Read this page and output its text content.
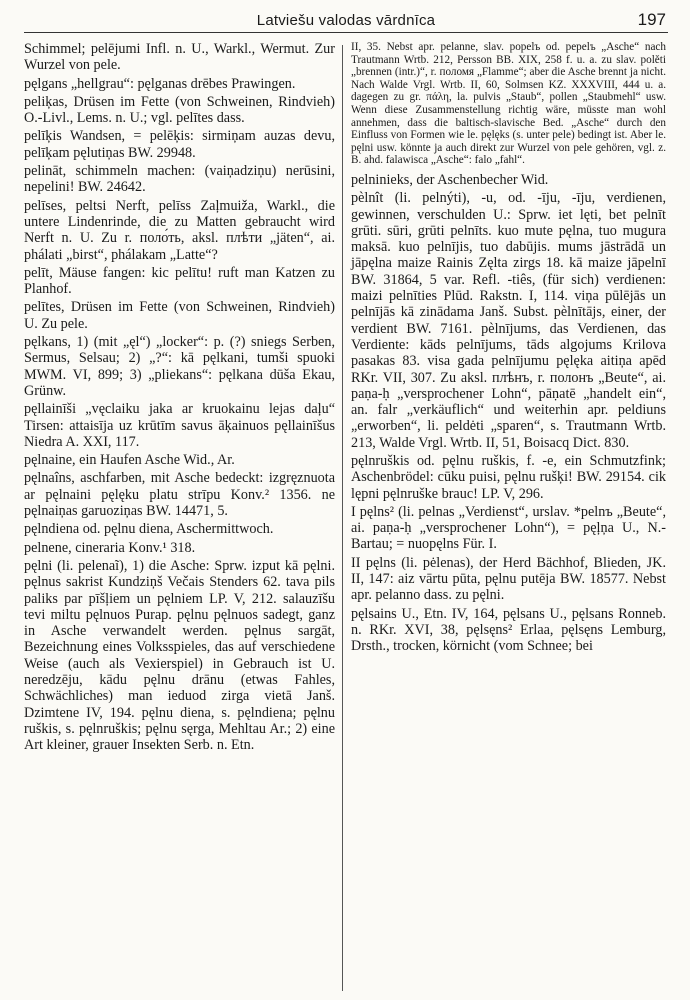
Latviešu valodas vārdnīca	197

Schimmel; pelējumi Infl. n. U., Warkl., Wermut. Zur Wurzel von pele.

pęlgans „hellgrau“: pęlganas drēbes Prawingen.

peliķas, Drüsen im Fette (von Schweinen, Rindvieh) O.-Livl., Lems. n. U.; vgl. pelītes dass.

pelīķis Wandsen, = pelēķis: sirmiņam auzas devu, pelīķam pęlutiņas BW. 29948.

pelināt, schimmeln machen: (vaiņadziņu) nerūsini, nepelini! BW. 24642.

pelīses, peltsi Nerft, pelīss Zaļmuiža, Warkl., die untere Lindenrinde, die zu Matten gebraucht wird Nerft n. U. Zu r. поло́ть, aksl. плѣти „jäten“, ai. phálati „birst“, phálakam „Latte“?

pelīt, Mäuse fangen: kic pelītu! ruft man Katzen zu Planhof.

pelītes, Drüsen im Fette (von Schweinen, Rindvieh) U. Zu pele.

pęlkans, 1) (mit „ęl“) „locker“: p. (?) sniegs Serben, Sermus, Selsau; 2) „?“: kā pęlkani, tumši spuoki MWM. VI, 899; 3) „pliekans“: pęlkana dūša Ekau, Grünw.

pęllainīši „vęclaiku jaka ar kruokainu lejas daļu“ Tirsen: attaisīja uz krūtīm savus āķainuos pęllainīšus Niedra A. XXI, 117.

pęlnaine, ein Haufen Asche Wid., Ar.

pęlnaîns, aschfarben, mit Asche bedeckt: izgręznuota ar pęlnaini pęlęku platu strīpu Konv.² 1356. ne pęlnaiņas garuoziņas BW. 14471, 5.

pęlndiena od. pęlnu diena, Aschermittwoch.

pelnene, cineraria Konv.¹ 318.

pęlni (li. pelenaĩ), 1) die Asche: Sprw. izput kā pęlni. pęlnus sakrist Kundziņš Večais Stenders 62. tava pils paliks par pīšļiem un pęlniem LP. V, 212. salauzīšu tevi miltu pęlnuos Purap. pęlnu pęlnuos sadegt, ganz in Asche verwandelt werden. pęlnus sargāt, Bezeichnung eines Volksspieles, das auf verschiedene Weise (auch als Vexierspiel) in Gebrauch ist U. neredzēju, kādu pęlnu drānu (etwas Fahles, Schwächliches) man ieduod zirga vietā Janš. Dzimtene IV, 194. pęlnu diena, s. pęlndiena; pęlnu ruškis, s. pęlnruškis; pęlnu sęrga, Mehltau Ar.; 2) eine Art kleiner, grauer Insekten Serb. n. Etn.

II, 35. Nebst apr. pelanne, slav. popelъ od. pepelъ „Asche“ nach Trautmann Wrtb. 212, Persson BB. XIX, 258 f. u. a. zu slav. polěti „brennen (intr.)“, r. поломя „Flamme“; aber die Asche brennt ja nicht. Nach Walde Vrgl. Wrtb. II, 60, Solmsen KZ. XXXVIII, 444 u. a. dagegen zu gr. πάλη, la. pulvis „Staub“, pollen „Staubmehl“ usw. Wenn diese Zusammenstellung richtig wäre, müsste man wohl annehmen, dass die baltisch-slavische Bed. „Asche“ durch den Einfluss von Formen wie le. pęlęks (s. unter pele) bedingt ist. Aber le. pęlni usw. könnte ja auch direkt zur Wurzel von pele gehören, vgl. z. B. ahd. falawisca „Asche“: falo „fahl“.

pelninieks, der Aschenbecher Wid.

pèlnît (li. pelnýti), -u, od. -īju, -īju, verdienen, gewinnen, verschulden U.: Sprw. iet lęti, bet pelnīt grūti. sūri, grūti pelnīts. kuo mute pęlna, tuo mugura maksā. kuo pelnījis, tuo dabūjis. mums jāstrādā un jāpęlna maize Rainis Zęlta zirgs 18. kā maize jāpelnī BW. 31864, 5 var. Refl. -tiês, (für sich) verdienen: maizi pelnīties Plūd. Rakstn. I, 114. viņa pūlējās un pelnījās kā zinādama Janš. Subst. pèlnītājs, einer, der verdient BW. 7161. pèlnījums, das Verdienen, das Verdiente: kāds pelnījums, tāds algojums Krilova pasakas 83. visa gada pelnījumu pęlęka aitiņa apēd RKr. VII, 307. Zu aksl. плѣнъ, r. полонъ „Beute“, ai. paṇa-ḥ „versprochener Lohn“, pāṇatē „handelt ein“, an. falr „verkäuflich“ und weiterhin apr. peldiuns „erworben“, li. peldėti „sparen“, s. Trautmann Wrtb. 213, Walde Vrgl. Wrtb. II, 51, Boisacq Dict. 830.

pęlnruškis od. pęlnu ruškis, f. -e, ein Schmutzfink; Aschenbrödel: cūku puisi, pęlnu rušķi! BW. 29154. cik lępni pęlnruške brauc! LP. V, 296.

I pęlns² (li. pelnas „Verdienst“, urslav. *pelnъ „Beute“, ai. paṇa-ḥ „versprochener Lohn“), = pęļņa U., N.-Bartau; = nuopęlns Für. I.

II pęlns (li. pėlenas), der Herd Bächhof, Blieden, JK. II, 147: aiz vārtu pūta, pęlnu putēja BW. 18577. Nebst apr. pelanno dass. zu pęlni.

pęlsains U., Etn. IV, 164, pęlsans U., pęlsans Ronneb. n. RKr. XVI, 38, pęlsęns² Erlaa, pęlsęns Lemburg, Drsth., trocken, körnicht (vom Schnee; bei
